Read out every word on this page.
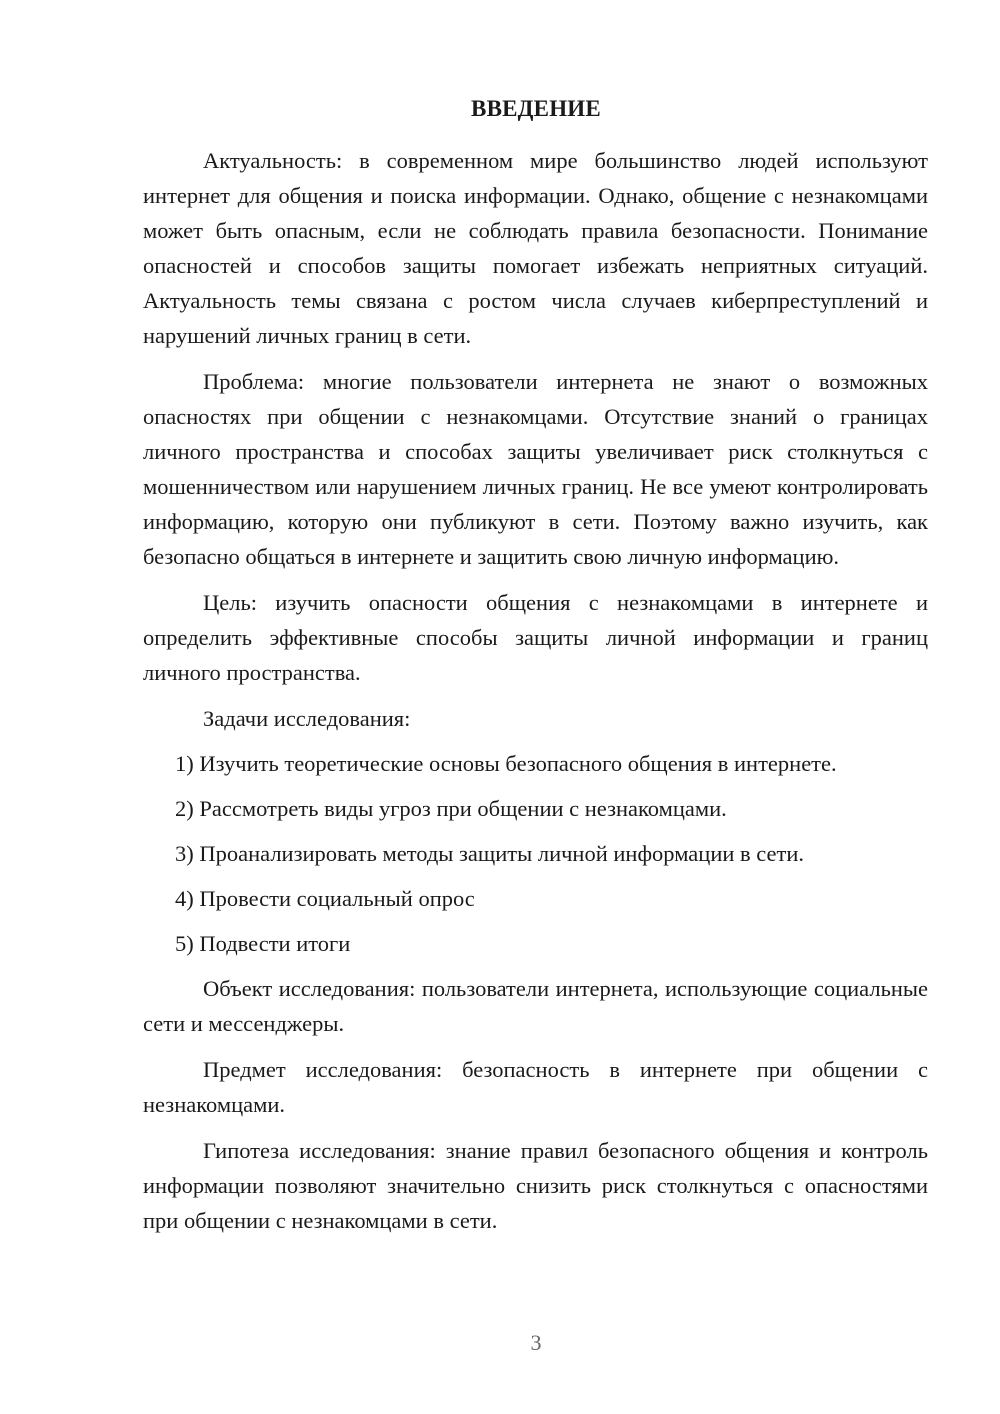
ВВЕДЕНИЕ

Актуальность: в современном мире большинство людей используют интернет для общения и поиска информации. Однако, общение с незнакомцами может быть опасным, если не соблюдать правила безопасности. Понимание опасностей и способов защиты помогает избежать неприятных ситуаций. Актуальность темы связана с ростом числа случаев киберпреступлений и нарушений личных границ в сети.

Проблема: многие пользователи интернета не знают о возможных опасностях при общении с незнакомцами. Отсутствие знаний о границах личного пространства и способах защиты увеличивает риск столкнуться с мошенничеством или нарушением личных границ. Не все умеют контролировать информацию, которую они публикуют в сети. Поэтому важно изучить, как безопасно общаться в интернете и защитить свою личную информацию.

Цель: изучить опасности общения с незнакомцами в интернете и определить эффективные способы защиты личной информации и границ личного пространства.

Задачи исследования:

1) Изучить теоретические основы безопасного общения в интернете.

2) Рассмотреть виды угроз при общении с незнакомцами.

3) Проанализировать методы защиты личной информации в сети.

4) Провести социальный опрос

5) Подвести итоги

Объект исследования: пользователи интернета, использующие социальные сети и мессенджеры.

Предмет исследования: безопасность в интернете при общении с незнакомцами.

Гипотеза исследования: знание правил безопасного общения и контроль информации позволяют значительно снизить риск столкнуться с опасностями при общении с незнакомцами в сети.

3
